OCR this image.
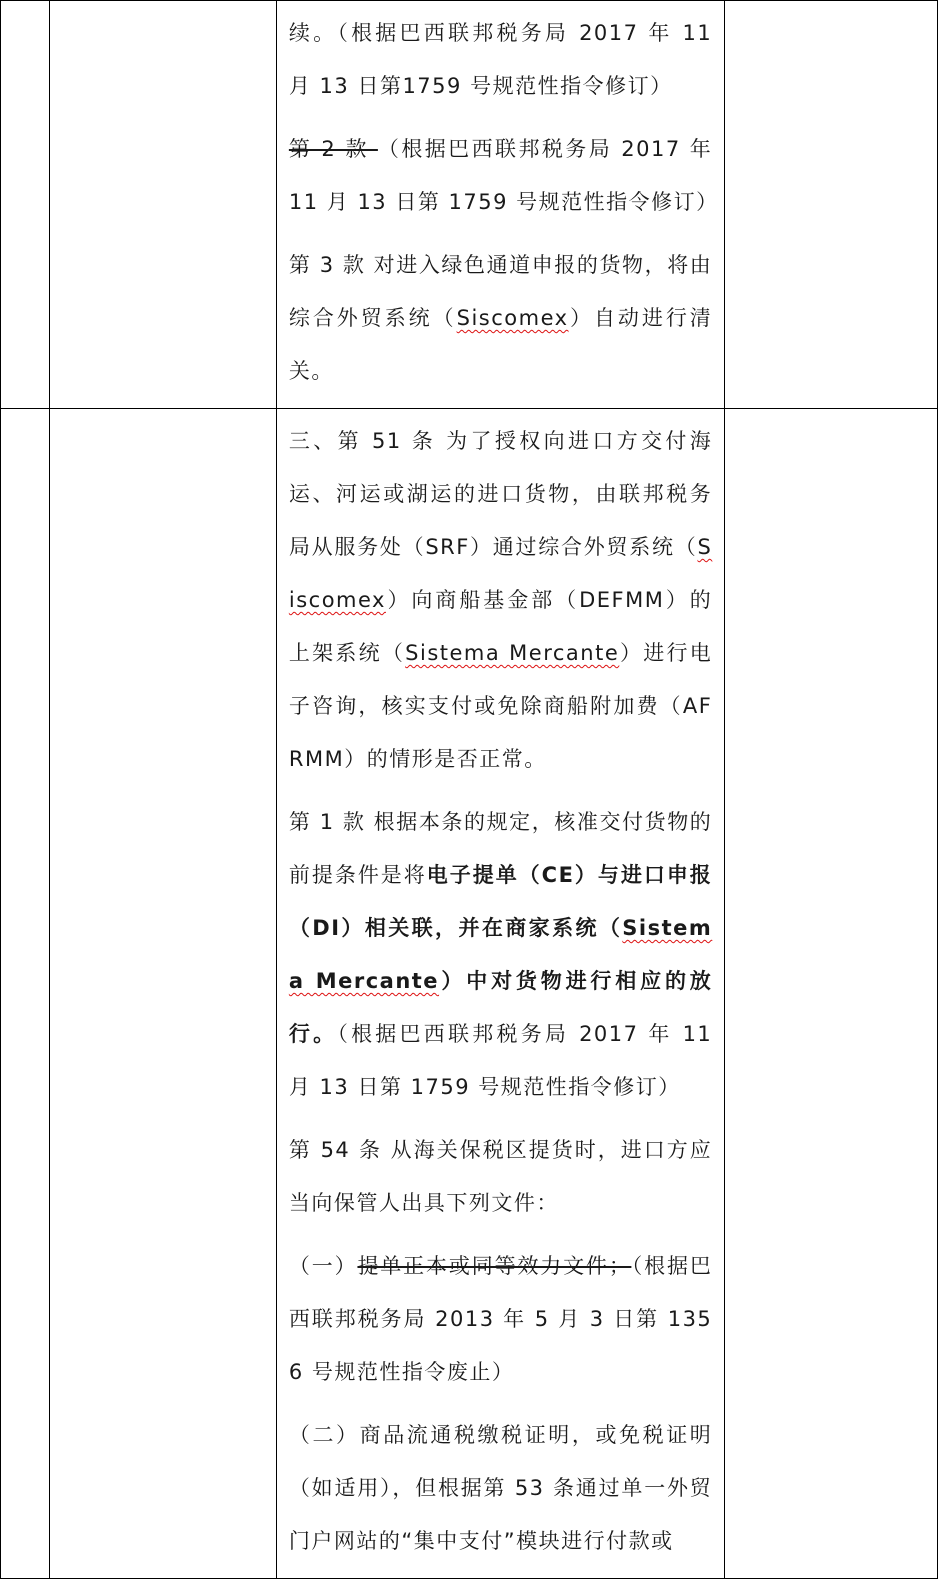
		续。（根据巴西联邦税务局 2017 年 11 月 13 日第1759 号规范性指令修订）

第 2 款 （根据巴西联邦税务局 2017 年 11 月 13 日第 1759 号规范性指令修订）

第 3 款 对进入绿色通道申报的货物，将由综合外贸系统（Siscomex）自动进行清关。	

		三、第 51 条 为了授权向进口方交付海运、河运或湖运的进口货物，由联邦税务局从服务处（SRF）通过综合外贸系统（Siscomex）向商船基金部（DEFMM）的上架系统（Sistema Mercante）进行电子咨询，核实支付或免除商船附加费（AFRMM）的情形是否正常。

第 1 款 根据本条的规定，核准交付货物的前提条件是将电子提单（CE）与进口申报（DI）相关联，并在商家系统（Sistema Mercante）中对货物进行相应的放行。（根据巴西联邦税务局 2017 年 11 月 13 日第 1759 号规范性指令修订）

第 54 条 从海关保税区提货时，进口方应当向保管人出具下列文件：

（一）提单正本或同等效力文件；（根据巴西联邦税务局 2013 年 5 月 3 日第 1356 号规范性指令废止）

（二）商品流通税缴税证明，或免税证明（如适用），但根据第 53 条通过单一外贸门户网站的“集中支付”模块进行付款或	
